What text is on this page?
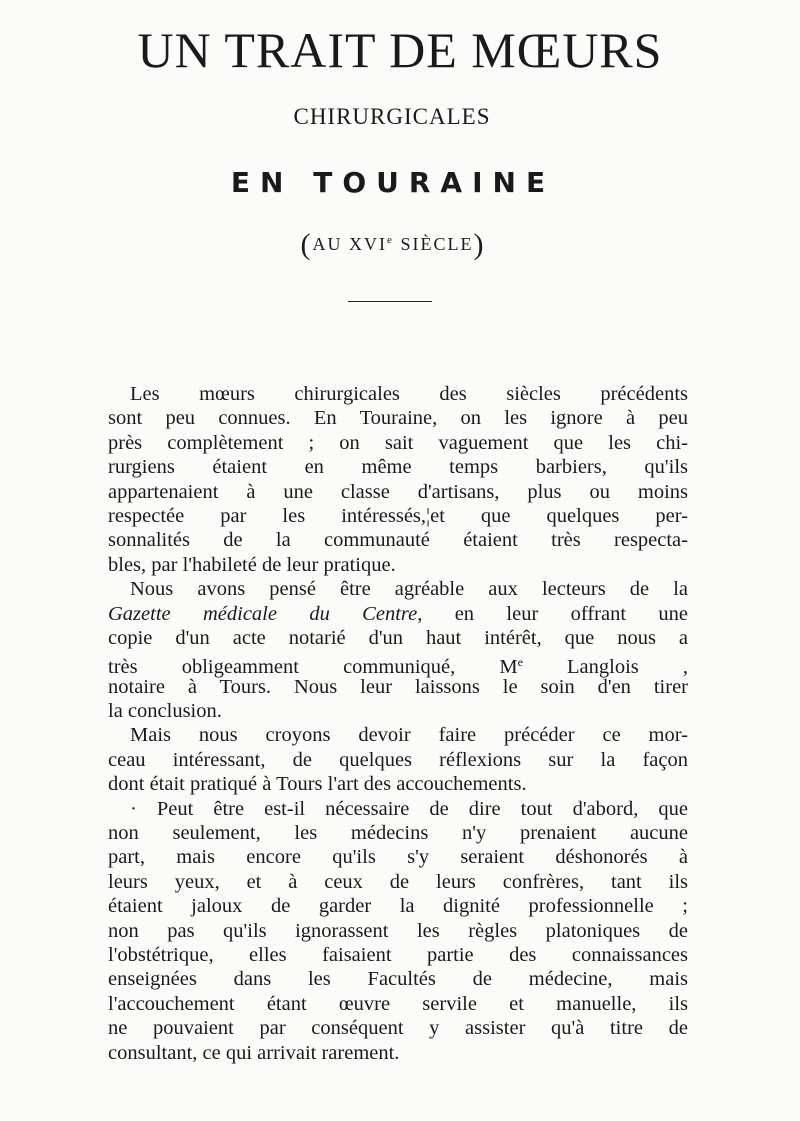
UN TRAIT DE MŒURS
CHIRURGICALES
EN TOURAINE
(AU XVIe SIÈCLE)
Les mœurs chirurgicales des siècles précédents
sont peu connues. En Touraine, on les ignore à peu
près complètement ; on sait vaguement que les chi-
rurgiens étaient en même temps barbiers, qu'ils
appartenaient à une classe d'artisans, plus ou moins
respectée par les intéressés,¦et que quelques per-
sonnalités de la communauté étaient très respecta-
bles, par l'habileté de leur pratique.
Nous avons pensé être agréable aux lecteurs de la
Gazette médicale du Centre, en leur offrant une
copie d'un acte notarié d'un haut intérêt, que nous a
très obligeamment communiqué, Me Langlois ,
notaire à Tours. Nous leur laissons le soin d'en tirer
la conclusion.
Mais nous croyons devoir faire précéder ce mor-
ceau intéressant, de quelques réflexions sur la façon
dont était pratiqué à Tours l'art des accouchements.
· Peut être est-il nécessaire de dire tout d'abord, que
non seulement, les médecins n'y prenaient aucune
part, mais encore qu'ils s'y seraient déshonorés à
leurs yeux, et à ceux de leurs confrères, tant ils
étaient jaloux de garder la dignité professionnelle ;
non pas qu'ils ignorassent les règles platoniques de
l'obstétrique, elles faisaient partie des connaissances
enseignées dans les Facultés de médecine, mais
l'accouchement étant œuvre servile et manuelle, ils
ne pouvaient par conséquent y assister qu'à titre de
consultant, ce qui arrivait rarement.
